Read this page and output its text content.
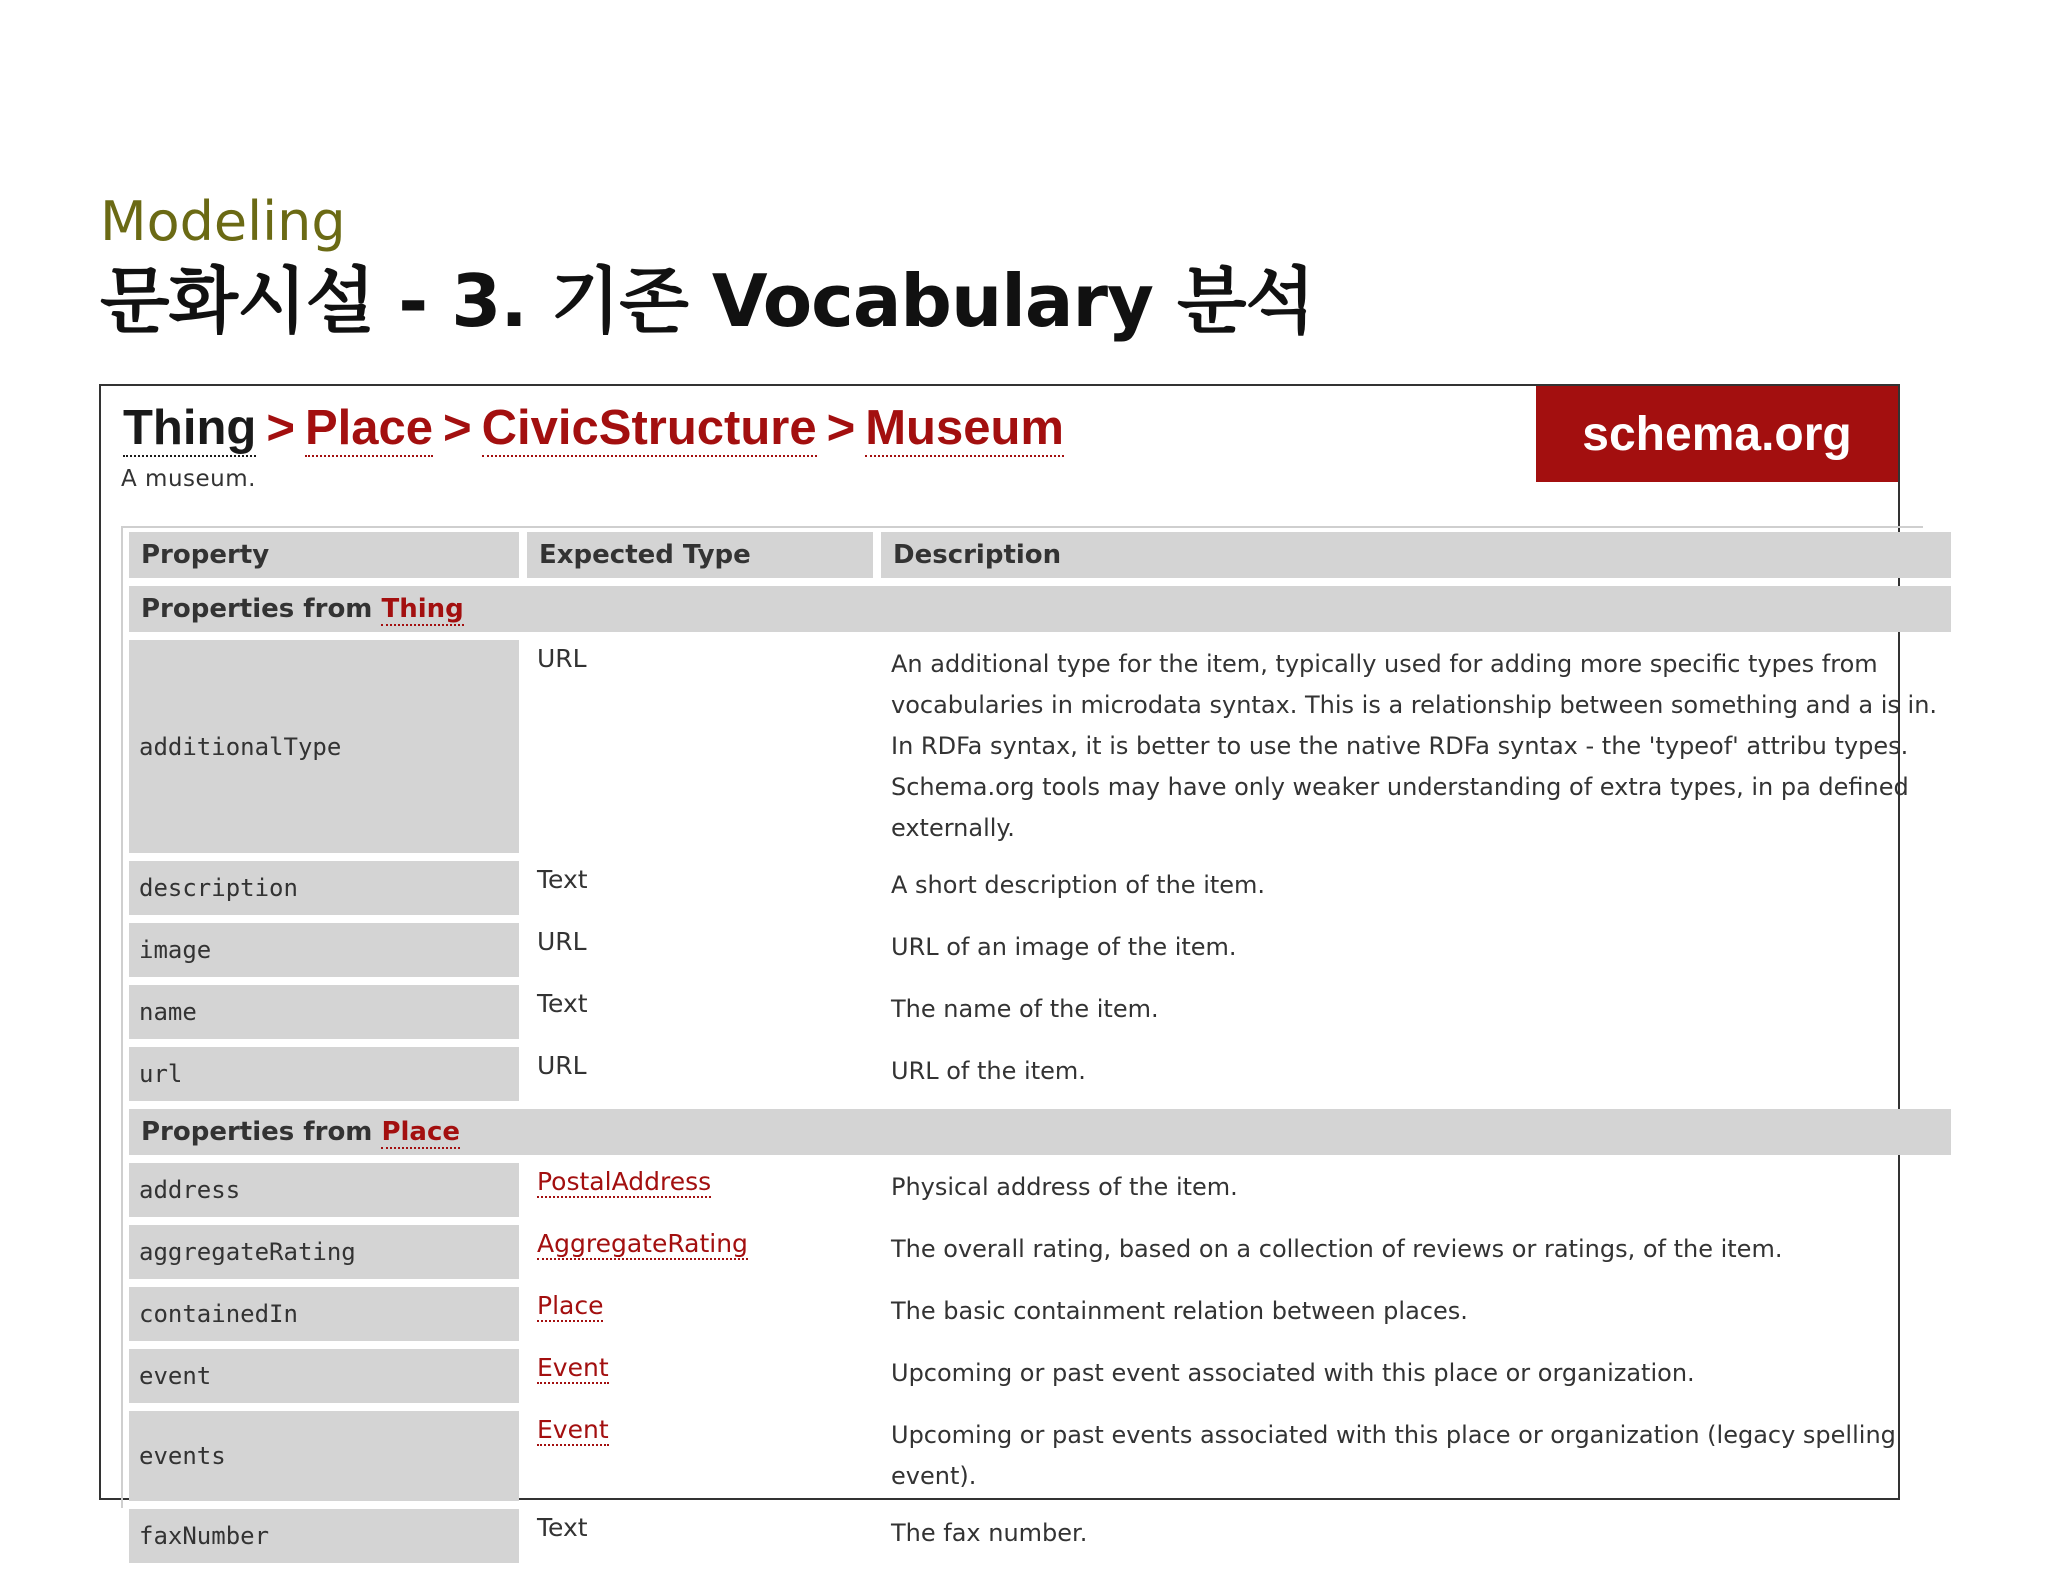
Modeling
문화시설 - 3. 기존 Vocabulary 분석
schema.org
Thing > Place > CivicStructure > Museum
A museum.
Property	Expected Type	Description
Properties from Thing		
additionalType	URL	An additional type for the item, typically used for adding more specific types from vocabularies in microdata syntax. This is a relationship between something and a is in. In RDFa syntax, it is better to use the native RDFa syntax - the 'typeof' attribu types. Schema.org tools may have only weaker understanding of extra types, in pa defined externally.
description	Text	A short description of the item.
image	URL	URL of an image of the item.
name	Text	The name of the item.
url	URL	URL of the item.
Properties from Place		
address	PostalAddress	Physical address of the item.
aggregateRating	AggregateRating	The overall rating, based on a collection of reviews or ratings, of the item.
containedIn	Place	The basic containment relation between places.
event	Event	Upcoming or past event associated with this place or organization.
events	Event	Upcoming or past events associated with this place or organization (legacy spelling event).
faxNumber	Text	The fax number.
